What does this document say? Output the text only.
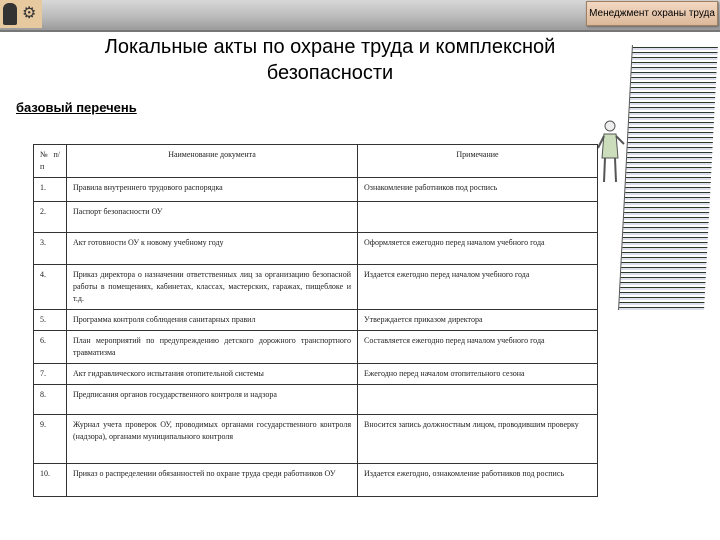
⚙	Менеджмент охраны труда
Локальные акты по охране труда и комплексной безопасности
базовый перечень
№ п/п	Наименование документа	Примечание
1.	Правила внутреннего трудового распорядка	Ознакомление работников под роспись
2.	Паспорт безопасности ОУ	
3.	Акт готовности ОУ к новому учебному году	Оформляется ежегодно перед началом учебного года
4.	Приказ директора о назначении ответственных лиц за организацию безопасной работы в помещениях, кабинетах, классах, мастерских, гаражах, пищеблоке и т.д.	Издается ежегодно перед началом учебного года
5.	Программа контроля соблюдения санитарных правил	Утверждается приказом директора
6.	План мероприятий по предупреждению детского дорожного транспортного травматизма	Составляется ежегодно перед началом учебного года
7.	Акт гидравлического испытания отопительной системы	Ежегодно перед началом отопительного сезона
8.	Предписания органов государственного контроля и надзора	
9.	Журнал учета проверок ОУ, проводимых органами государственного контроля (надзора), органами муниципального контроля	Вносится запись должностным лицом, проводившим проверку
10.	Приказ о распределении обязанностей по охране труда среди работников ОУ	Издается ежегодно, ознакомление работников под роспись
